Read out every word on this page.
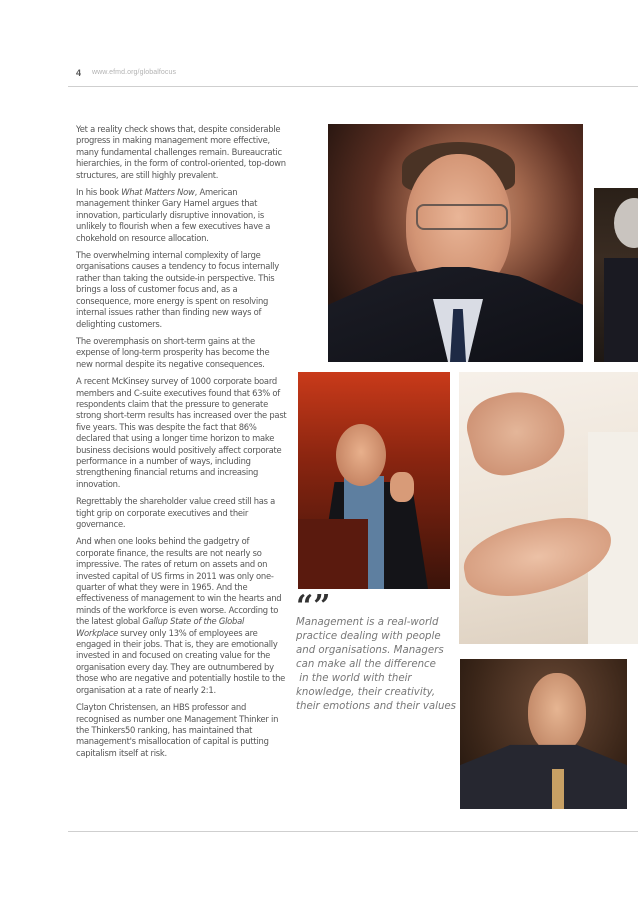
4 www.efmd.org/globalfocus

Yet a reality check shows that, despite considerable progress in making management more effective, many fundamental challenges remain. Bureaucratic hierarchies, in the form of control-oriented, top-down structures, are still highly prevalent.

In his book What Matters Now, American management thinker Gary Hamel argues that innovation, particularly disruptive innovation, is unlikely to flourish when a few executives have a chokehold on resource allocation.

The overwhelming internal complexity of large organisations causes a tendency to focus internally rather than taking the outside-in perspective. This brings a loss of customer focus and, as a consequence, more energy is spent on resolving internal issues rather than finding new ways of delighting customers.

The overemphasis on short-term gains at the expense of long-term prosperity has become the new normal despite its negative consequences.

A recent McKinsey survey of 1000 corporate board members and C-suite executives found that 63% of respondents claim that the pressure to generate strong short-term results has increased over the past five years. This was despite the fact that 86% declared that using a longer time horizon to make business decisions would positively affect corporate performance in a number of ways, including strengthening financial returns and increasing innovation.

Regrettably the shareholder value creed still has a tight grip on corporate executives and their governance.

And when one looks behind the gadgetry of corporate finance, the results are not nearly so impressive. The rates of return on assets and on invested capital of US firms in 2011 was only one-quarter of what they were in 1965. And the effectiveness of management to win the hearts and minds of the workforce is even worse. According to the latest global Gallup State of the Global Workplace survey only 13% of employees are engaged in their jobs. That is, they are emotionally invested in and focused on creating value for the organisation every day. They are outnumbered by those who are negative and potentially hostile to the organisation at a rate of nearly 2:1.

Clayton Christensen, an HBS professor and recognised as number one Management Thinker in the Thinkers50 ranking, has maintained that management's misallocation of capital is putting capitalism itself at risk.

“”
Management is a real-world
practice dealing with people
and organisations. Managers
can make all the difference
in the world with their
knowledge, their creativity,
their emotions and their values
